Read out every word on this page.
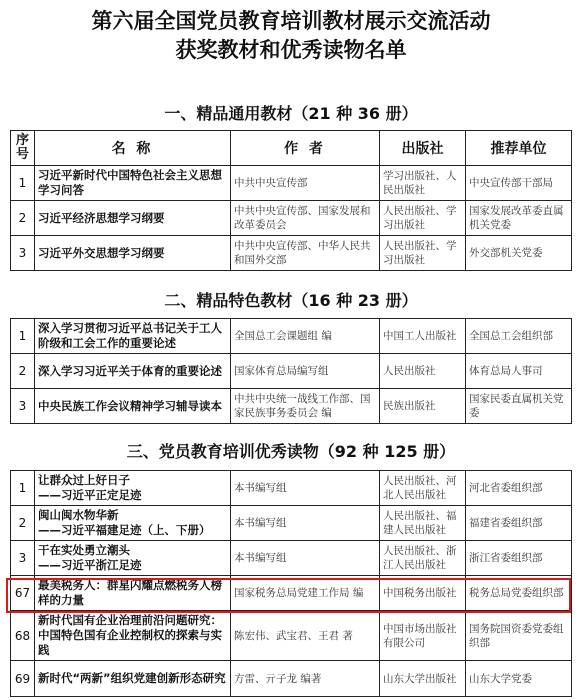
第六届全国党员教育培训教材展示交流活动
获奖教材和优秀读物名单
一、精品通用教材（21 种 36 册）
序号	名 称	作 者	出版社	推荐单位
1	习近平新时代中国特色社会主义思想学习问答	中共中央宣传部	学习出版社、人民出版社	中央宣传部干部局
2	习近平经济思想学习纲要	中共中央宣传部、国家发展和改革委员会	人民出版社、学习出版社	国家发展改革委直属机关党委
3	习近平外交思想学习纲要	中共中央宣传部、中华人民共和国外交部	人民出版社、学习出版社	外交部机关党委
二、精品特色教材（16 种 23 册）
1	深入学习贯彻习近平总书记关于工人阶级和工会工作的重要论述	全国总工会课题组 编	中国工人出版社	全国总工会组织部
2	深入学习习近平关于体育的重要论述	国家体育总局编写组	人民出版社	体育总局人事司
3	中央民族工作会议精神学习辅导读本	中共中央统一战线工作部、国家民族事务委员会 编	民族出版社	国家民委直属机关党委
三、党员教育培训优秀读物（92 种 125 册）
1	让群众过上好日子
——习近平正定足迹	本书编写组	人民出版社、河北人民出版社	河北省委组织部
2	闽山闽水物华新
——习近平福建足迹（上、下册）	本书编写组	人民出版社、福建人民出版社	福建省委组织部
3	干在实处勇立潮头
——习近平浙江足迹	本书编写组	人民出版社、浙江人民出版社	浙江省委组织部
67	最美税务人：群星闪耀点燃税务人榜样的力量	国家税务总局党建工作局 编	中国税务出版社	税务总局党委组织部
68	新时代国有企业治理前沿问题研究：中国特色国有企业控制权的探索与实践	陈宏伟、武宝君、王君 著	中国市场出版社有限公司	国务院国资委党委组织部
69	新时代“两新”组织党建创新形态研究	方雷、亓子龙 编著	山东大学出版社	山东大学党委
